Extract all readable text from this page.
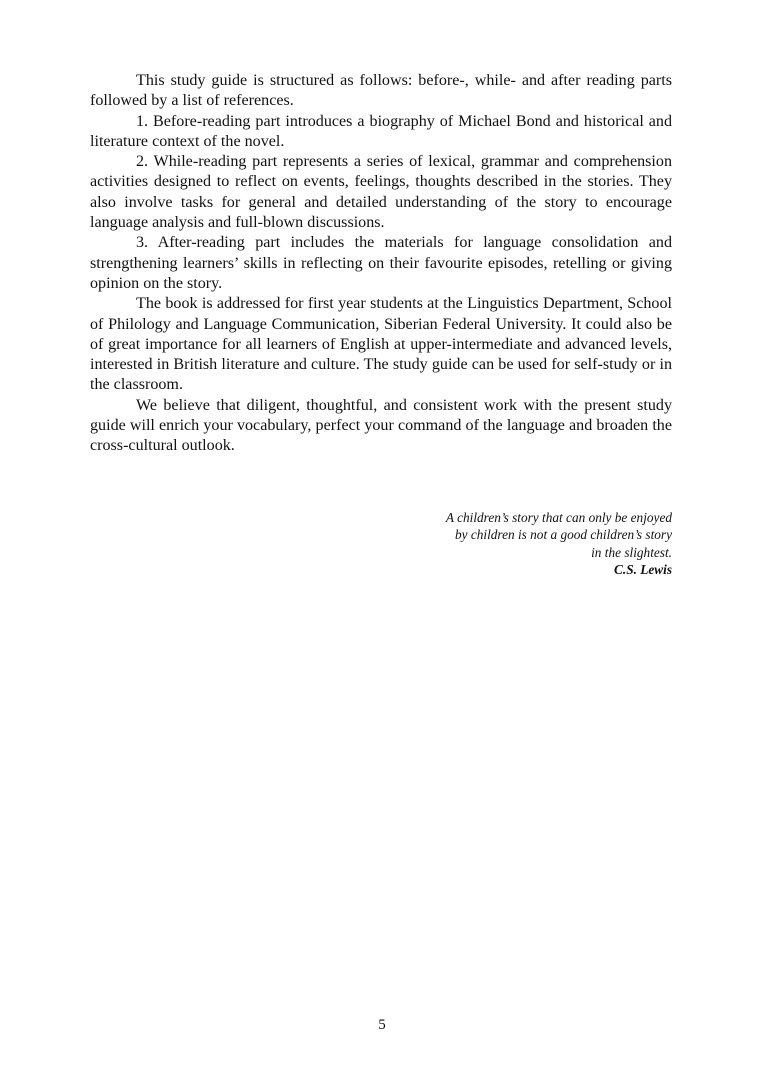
This study guide is structured as follows: before-, while- and after reading parts followed by a list of references.

1. Before-reading part introduces a biography of Michael Bond and historical and literature context of the novel.

2. While-reading part represents a series of lexical, grammar and comprehension activities designed to reflect on events, feelings, thoughts described in the stories. They also involve tasks for general and detailed understanding of the story to encourage language analysis and full-blown discussions.

3. After-reading part includes the materials for language consolidation and strengthening learners’ skills in reflecting on their favourite episodes, retelling or giving opinion on the story.

The book is addressed for first year students at the Linguistics Department, School of Philology and Language Communication, Siberian Federal University. It could also be of great importance for all learners of English at upper-intermediate and advanced levels, interested in British literature and culture. The study guide can be used for self-study or in the classroom.

We believe that diligent, thoughtful, and consistent work with the present study guide will enrich your vocabulary, perfect your command of the language and broaden the cross-cultural outlook.

A children’s story that can only be enjoyed
by children is not a good children’s story
in the slightest.
C.S. Lewis
5
